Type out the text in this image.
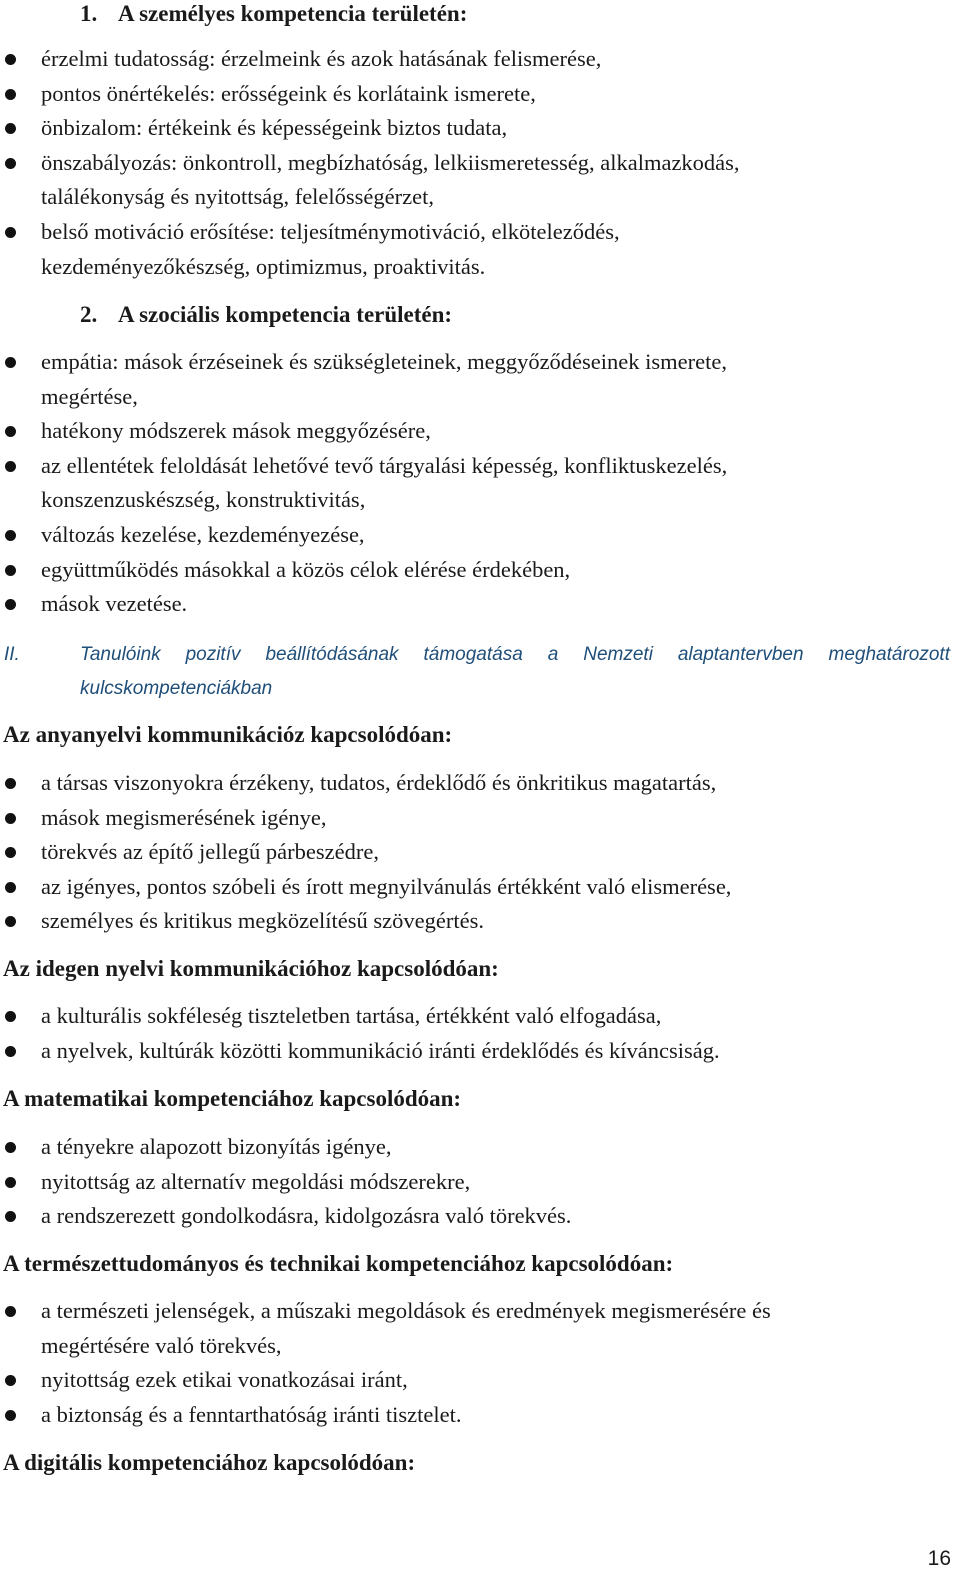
1. A személyes kompetencia területén:
érzelmi tudatosság: érzelmeink és azok hatásának felismerése,
pontos önértékelés: erősségeink és korlátaink ismerete,
önbizalom: értékeink és képességeink biztos tudata,
önszabályozás: önkontroll, megbízhatóság, lelkiismeretesség, alkalmazkodás,
találékonyság és nyitottság, felelősségérzet,
belső motiváció erősítése: teljesítménymotiváció, elköteleződés,
kezdeményezőkészség, optimizmus, proaktivitás.
2. A szociális kompetencia területén:
empátia: mások érzéseinek és szükségleteinek, meggyőződéseinek ismerete,
megértése,
hatékony módszerek mások meggyőzésére,
az ellentétek feloldását lehetővé tevő tárgyalási képesség, konfliktuskezelés,
konszenzuskészség, konstruktivitás,
változás kezelése, kezdeményezése,
együttműködés másokkal a közös célok elérése érdekében,
mások vezetése.
II.	Tanulóink pozitív beállítódásának támogatása a Nemzeti alaptantervben meghatározott
kulcskompetenciákban
Az anyanyelvi kommunikációz kapcsolódóan:
a társas viszonyokra érzékeny, tudatos, érdeklődő és önkritikus magatartás,
mások megismerésének igénye,
törekvés az építő jellegű párbeszédre,
az igényes, pontos szóbeli és írott megnyilvánulás értékként való elismerése,
személyes és kritikus megközelítésű szövegértés.
Az idegen nyelvi kommunikációhoz kapcsolódóan:
a kulturális sokféleség tiszteletben tartása, értékként való elfogadása,
a nyelvek, kultúrák közötti kommunikáció iránti érdeklődés és kíváncsiság.
A matematikai kompetenciához kapcsolódóan:
a tényekre alapozott bizonyítás igénye,
nyitottság az alternatív megoldási módszerekre,
a rendszerezett gondolkodásra, kidolgozásra való törekvés.
A természettudományos és technikai kompetenciához kapcsolódóan:
a természeti jelenségek, a műszaki megoldások és eredmények megismerésére és
megértésére való törekvés,
nyitottság ezek etikai vonatkozásai iránt,
a biztonság és a fenntarthatóság iránti tisztelet.
A digitális kompetenciához kapcsolódóan:
16
